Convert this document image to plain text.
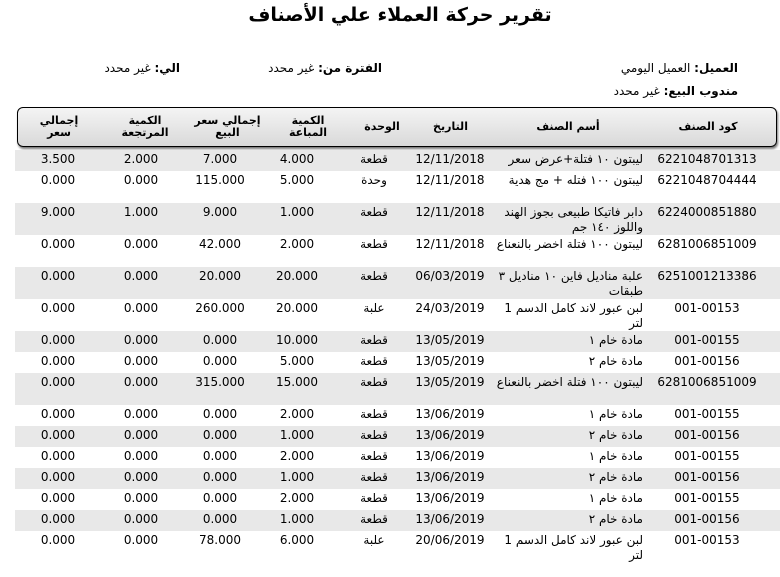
تقرير حركة العملاء علي الأصناف
العميل: العميل اليومي
الفترة من: غير محدد
الي: غير محدد
مندوب البيع: غير محدد
كود الصنف
أسم الصنف
التاريخ
الوحدة
الكمية المباعة
إجمالي سعر البيع
الكمية المرتجعة
إجمالي سعر
6221048701313
ليبتون ١٠ فتلة+عرض سعر
12/11/2018
قطعة
4.000
7.000
2.000
3.500
6221048704444
ليبتون ١٠٠ فتله + مج هدية
12/11/2018
وحدة
5.000
115.000
0.000
0.000
6224000851880
دابر فاتيكا طبيعى بجوز الهند واللوز ١٤٠ جم
12/11/2018
قطعة
1.000
9.000
1.000
9.000
6281006851009
ليبتون ١٠٠ فتلة اخضر بالنعناع
12/11/2018
قطعة
2.000
42.000
0.000
0.000
6251001213386
علبة مناديل فاين ١٠ مناديل ٣ طبقات
06/03/2019
قطعة
20.000
20.000
0.000
0.000
001-00153
لبن عبور لاند كامل الدسم 1 لتر
24/03/2019
علبة
20.000
260.000
0.000
0.000
001-00155
مادة خام ١
13/05/2019
قطعة
10.000
0.000
0.000
0.000
001-00156
مادة خام ٢
13/05/2019
قطعة
5.000
0.000
0.000
0.000
6281006851009
ليبتون ١٠٠ فتلة اخضر بالنعناع
13/05/2019
قطعة
15.000
315.000
0.000
0.000
001-00155
مادة خام ١
13/06/2019
قطعة
2.000
0.000
0.000
0.000
001-00156
مادة خام ٢
13/06/2019
قطعة
1.000
0.000
0.000
0.000
001-00155
مادة خام ١
13/06/2019
قطعة
2.000
0.000
0.000
0.000
001-00156
مادة خام ٢
13/06/2019
قطعة
1.000
0.000
0.000
0.000
001-00155
مادة خام ١
13/06/2019
قطعة
2.000
0.000
0.000
0.000
001-00156
مادة خام ٢
13/06/2019
قطعة
1.000
0.000
0.000
0.000
001-00153
لبن عبور لاند كامل الدسم 1 لتر
20/06/2019
علبة
6.000
78.000
0.000
0.000
